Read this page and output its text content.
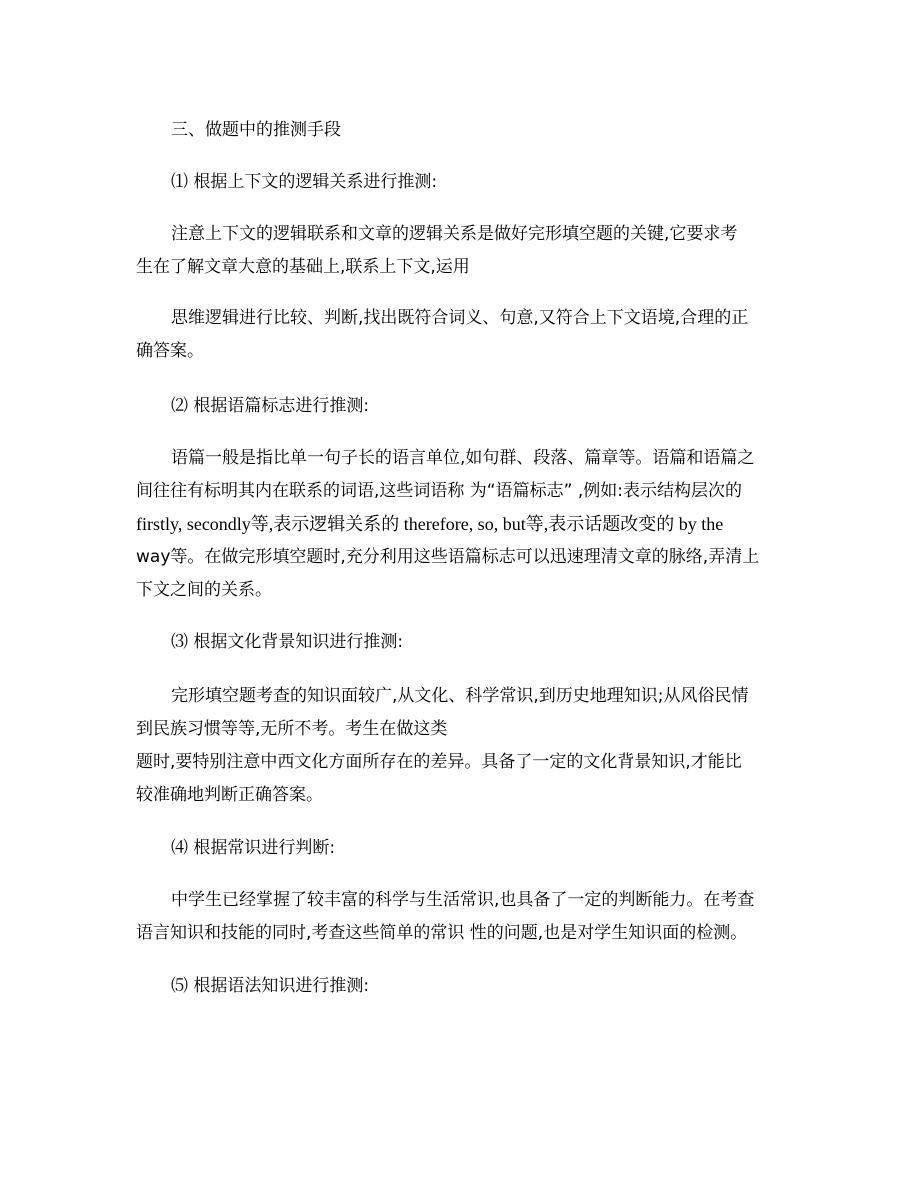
三、做题中的推测手段

⑴ 根据上下文的逻辑关系进行推测:

注意上下文的逻辑联系和文章的逻辑关系是做好完形填空题的关键,它要求考
生在了解文章大意的基础上,联系上下文,运用

思维逻辑进行比较、判断,找出既符合词义、句意,又符合上下文语境,合理的正
确答案。

⑵ 根据语篇标志进行推测:

语篇一般是指比单一句子长的语言单位,如句群、段落、篇章等。语篇和语篇之
间往往有标明其内在联系的词语,这些词语称 为“语篇标志” ,例如:表示结构层次的
firstly, secondly等,表示逻辑关系的 therefore, so, but等,表示话题改变的 by the
way等。在做完形填空题时,充分利用这些语篇标志可以迅速理清文章的脉络,弄清上
下文之间的关系。

⑶ 根据文化背景知识进行推测:

完形填空题考查的知识面较广,从文化、科学常识,到历史地理知识;从风俗民情
到民族习惯等等,无所不考。考生在做这类
题时,要特别注意中西文化方面所存在的差异。具备了一定的文化背景知识,才能比
较准确地判断正确答案。

⑷ 根据常识进行判断:

中学生已经掌握了较丰富的科学与生活常识,也具备了一定的判断能力。在考查
语言知识和技能的同时,考查这些简单的常识 性的问题,也是对学生知识面的检测。

⑸ 根据语法知识进行推测:
